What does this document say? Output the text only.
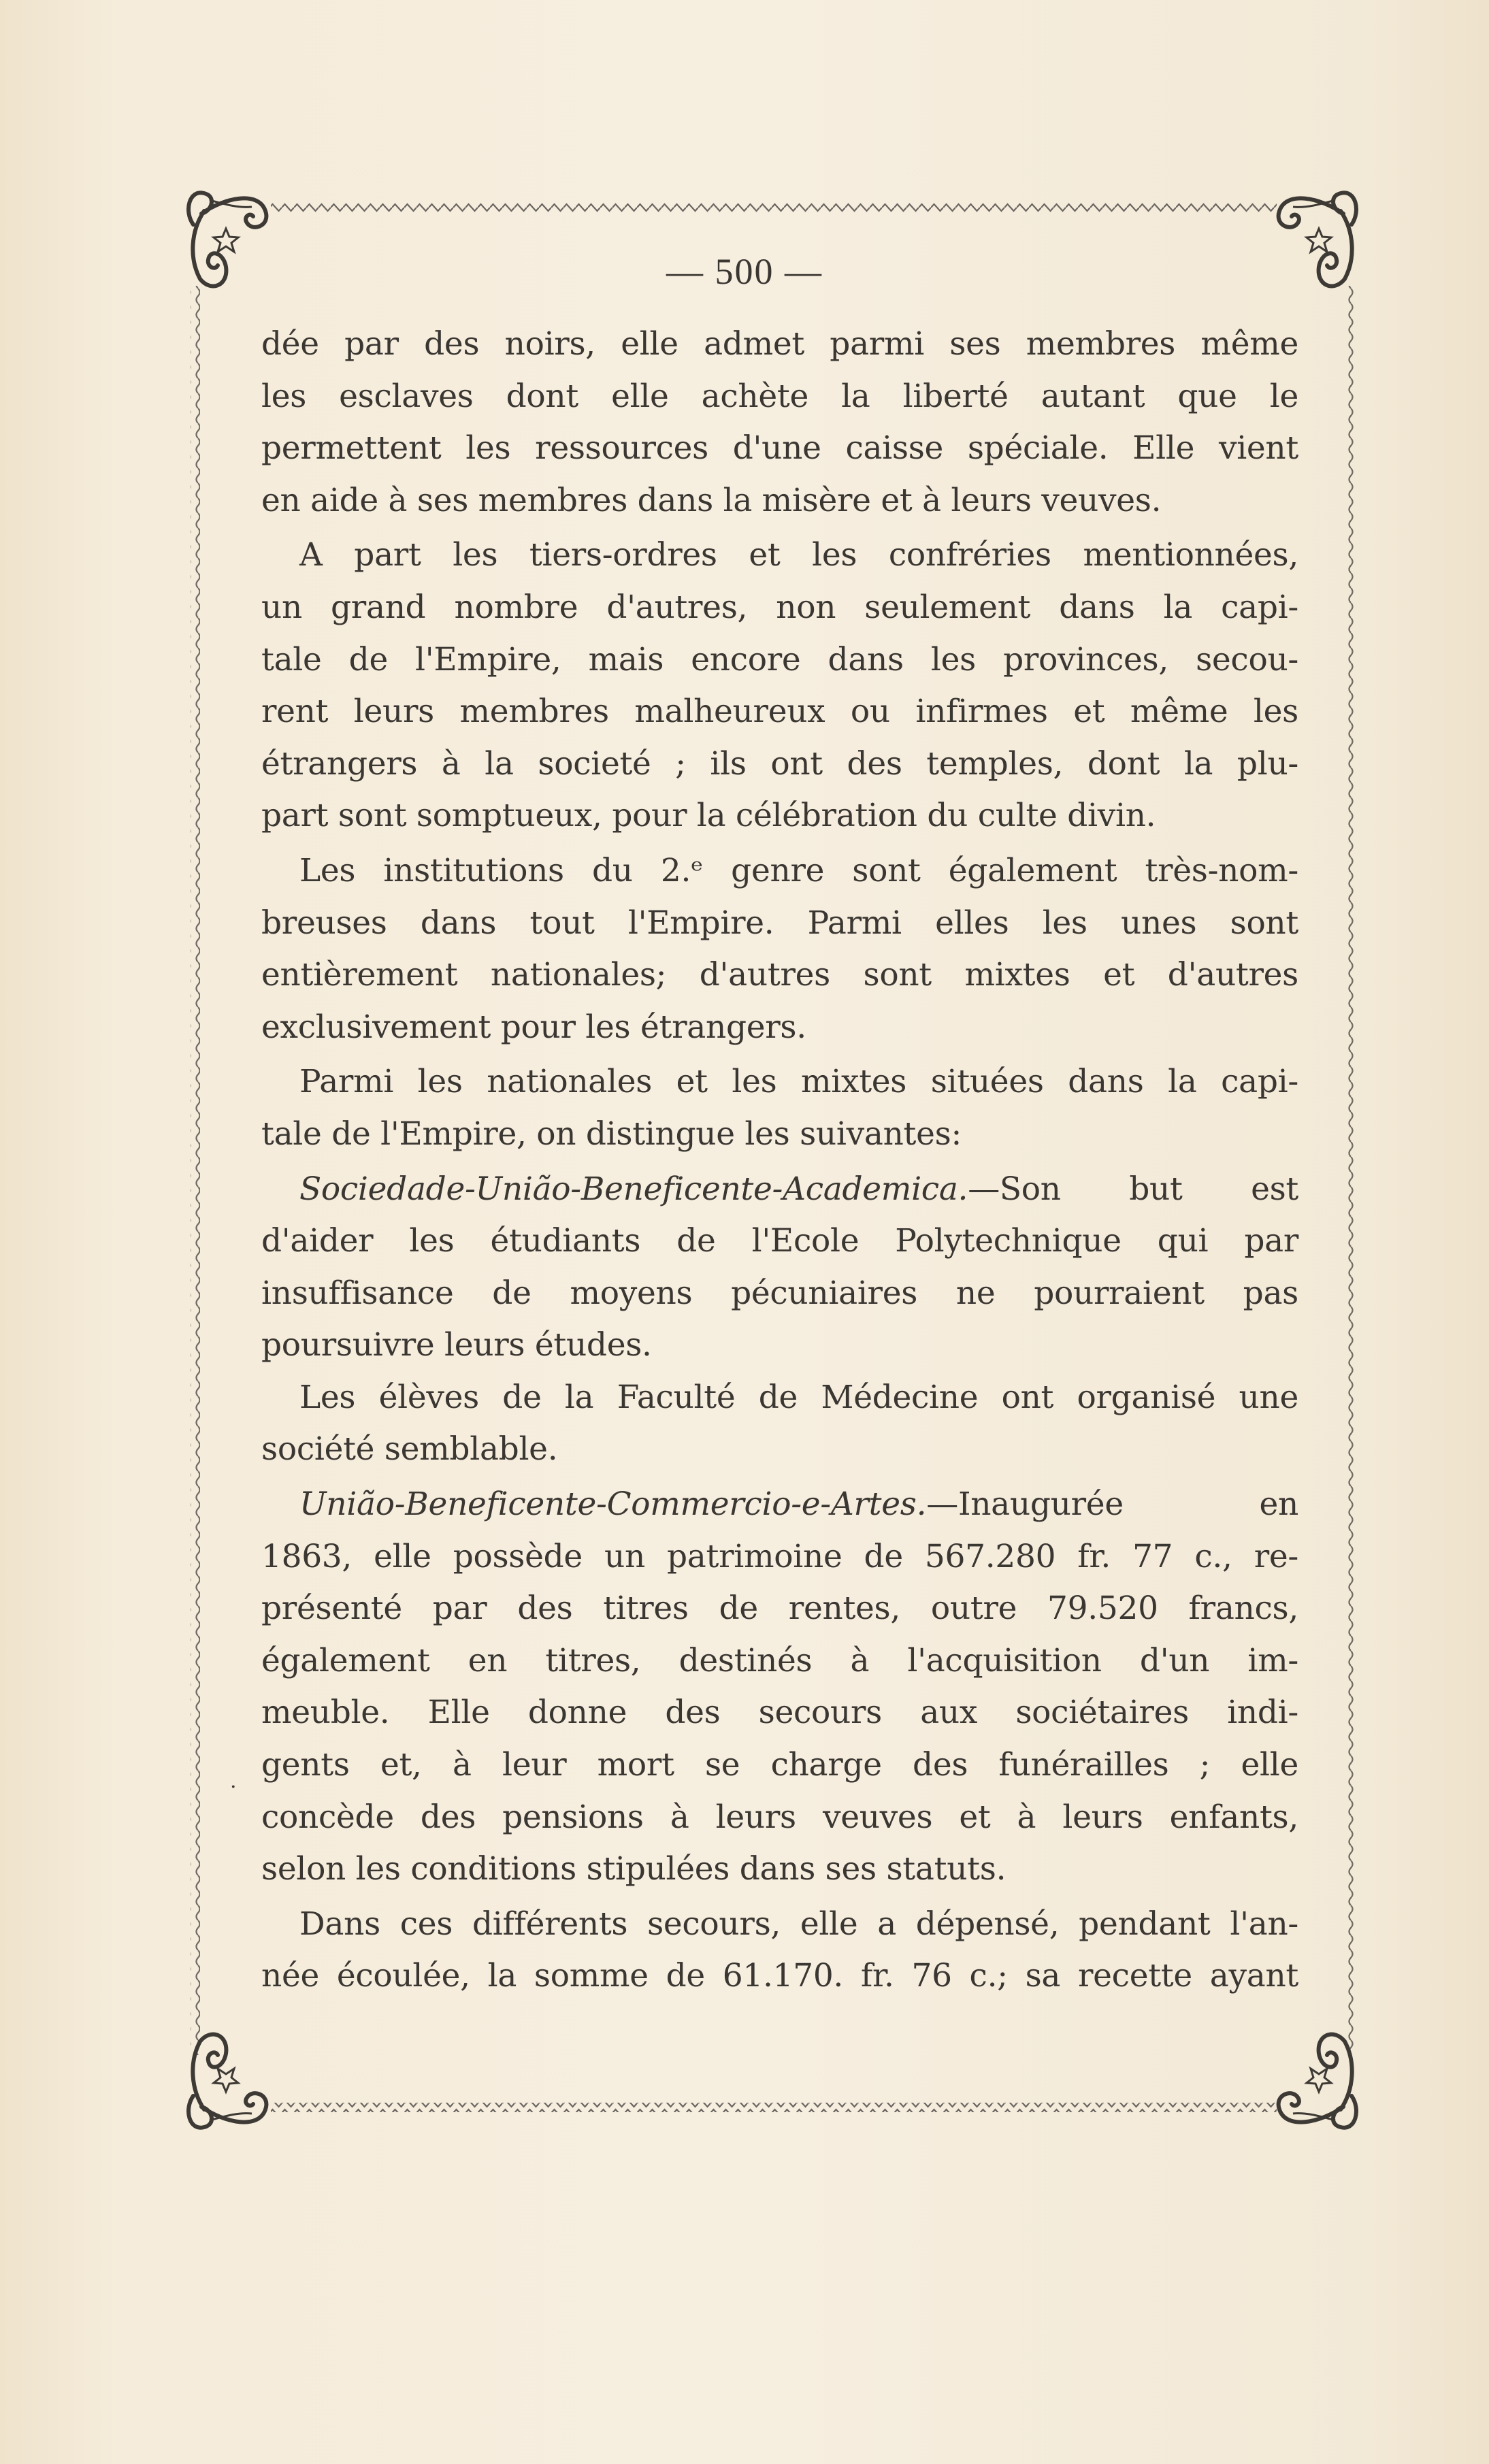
— 500 —
dée par des noirs, elle admet parmi ses membres même
les esclaves dont elle achète la liberté autant que le
permettent les ressources d'une caisse spéciale. Elle vient
en aide à ses membres dans la misère et à leurs veuves.
A part les tiers-ordres et les confréries mentionnées,
un grand nombre d'autres, non seulement dans la capi-
tale de l'Empire, mais encore dans les provinces, secou-
rent leurs membres malheureux ou infirmes et même les
étrangers à la societé ; ils ont des temples, dont la plu-
part sont somptueux, pour la célébration du culte divin.
Les institutions du 2.ᵉ genre sont également très-nom-
breuses dans tout l'Empire. Parmi elles les unes sont
entièrement nationales; d'autres sont mixtes et d'autres
exclusivement pour les étrangers.
Parmi les nationales et les mixtes situées dans la capi-
tale de l'Empire, on distingue les suivantes:
Sociedade-União-Beneficente-Academica.—Son but est
d'aider les étudiants de l'Ecole Polytechnique qui par
insuffisance de moyens pécuniaires ne pourraient pas
poursuivre leurs études.
Les élèves de la Faculté de Médecine ont organisé une
société semblable.
União-Beneficente-Commercio-e-Artes.—Inaugurée en
1863, elle possède un patrimoine de 567.280 fr. 77 c., re-
présenté par des titres de rentes, outre 79.520 francs,
également en titres, destinés à l'acquisition d'un im-
meuble. Elle donne des secours aux sociétaires indi-
gents et, à leur mort se charge des funérailles ; elle
concède des pensions à leurs veuves et à leurs enfants,
selon les conditions stipulées dans ses statuts.
Dans ces différents secours, elle a dépensé, pendant l'an-
née écoulée, la somme de 61.170. fr. 76 c.; sa recette ayant
.
